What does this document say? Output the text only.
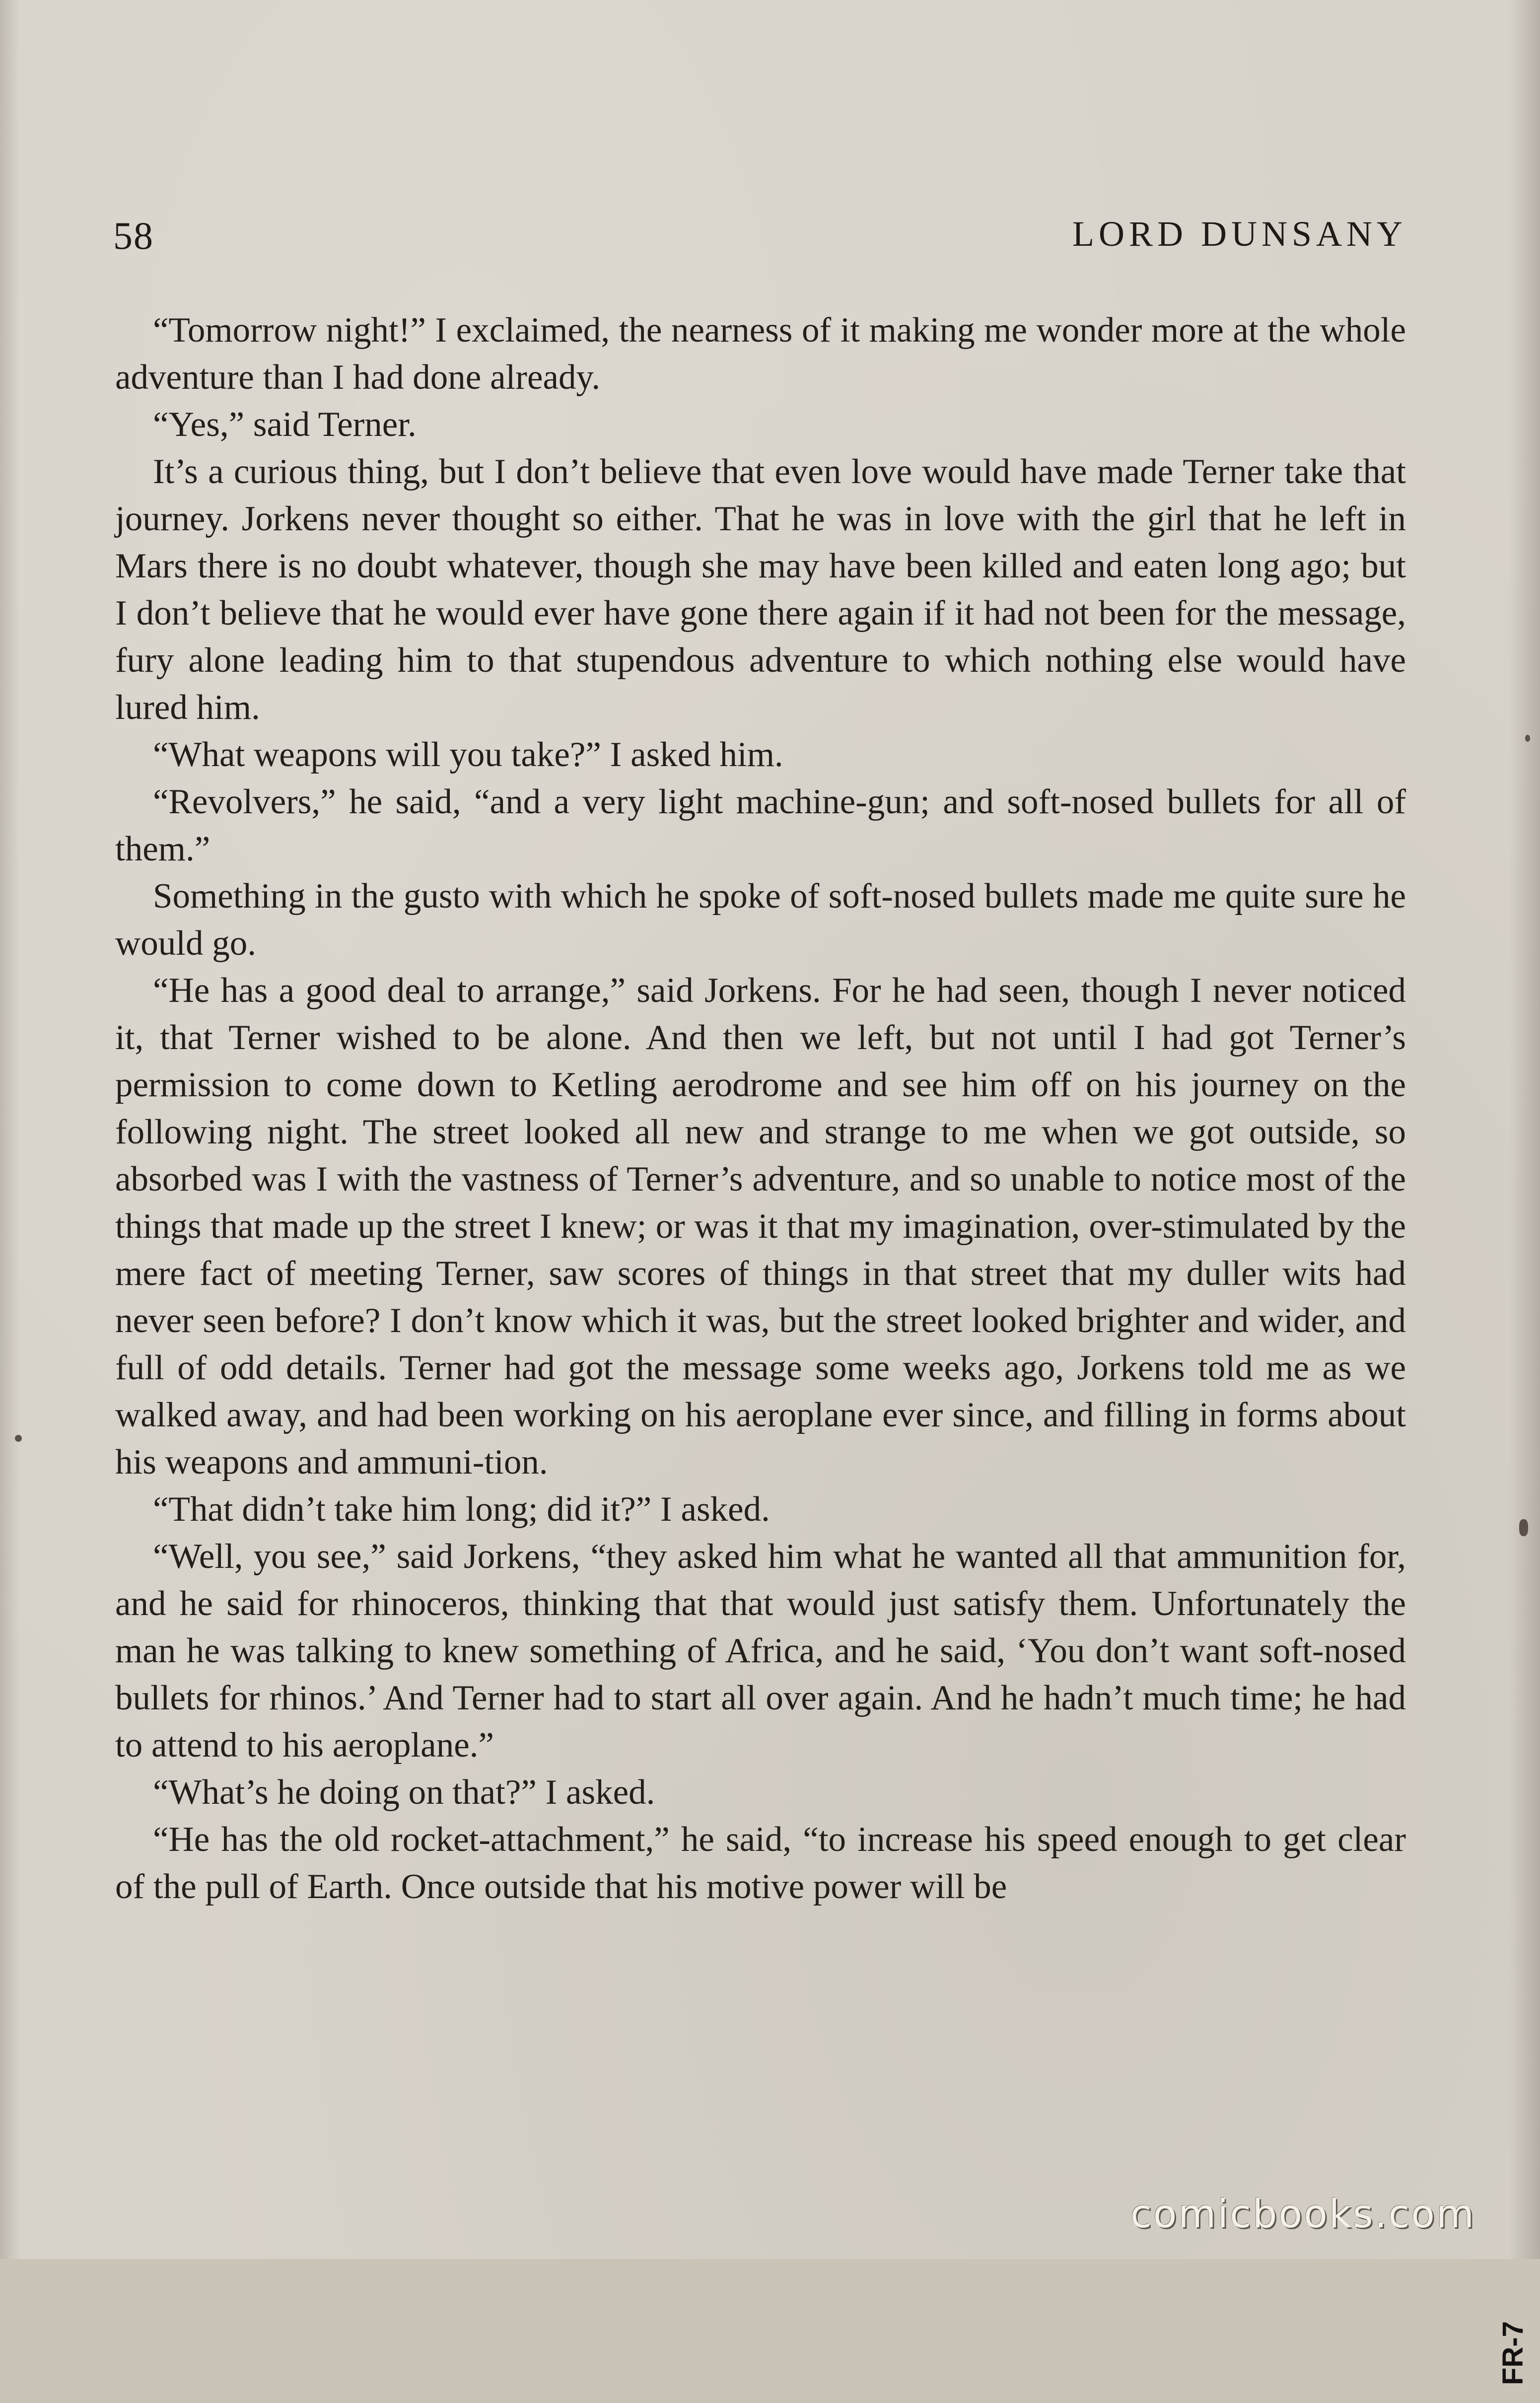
58	LORD DUNSANY

“Tomorrow night!” I exclaimed, the nearness of it making me wonder more at the whole adventure than I had done already.

“Yes,” said Terner.

It’s a curious thing, but I don’t believe that even love would have made Terner take that journey. Jorkens never thought so either. That he was in love with the girl that he left in Mars there is no doubt whatever, though she may have been killed and eaten long ago; but I don’t believe that he would ever have gone there again if it had not been for the message, fury alone leading him to that stupendous adventure to which nothing else would have lured him.

“What weapons will you take?” I asked him.

“Revolvers,” he said, “and a very light machine-gun; and soft-nosed bullets for all of them.”

Something in the gusto with which he spoke of soft-nosed bullets made me quite sure he would go.

“He has a good deal to arrange,” said Jorkens. For he had seen, though I never noticed it, that Terner wished to be alone. And then we left, but not until I had got Terner’s permission to come down to Ketling aerodrome and see him off on his journey on the following night. The street looked all new and strange to me when we got outside, so absorbed was I with the vastness of Terner’s adventure, and so unable to notice most of the things that made up the street I knew; or was it that my imagination, over-stimulated by the mere fact of meeting Terner, saw scores of things in that street that my duller wits had never seen before? I don’t know which it was, but the street looked brighter and wider, and full of odd details. Terner had got the message some weeks ago, Jorkens told me as we walked away, and had been working on his aeroplane ever since, and filling in forms about his weapons and ammuni-tion.

“That didn’t take him long; did it?” I asked.

“Well, you see,” said Jorkens, “they asked him what he wanted all that ammunition for, and he said for rhinoceros, thinking that that would just satisfy them. Unfortunately the man he was talking to knew something of Africa, and he said, ‘You don’t want soft-nosed bullets for rhinos.’ And Terner had to start all over again. And he hadn’t much time; he had to attend to his aeroplane.”

“What’s he doing on that?” I asked.

“He has the old rocket-attachment,” he said, “to increase his speed enough to get clear of the pull of Earth. Once outside that his motive power will be

FR-7
comicbooks.com
